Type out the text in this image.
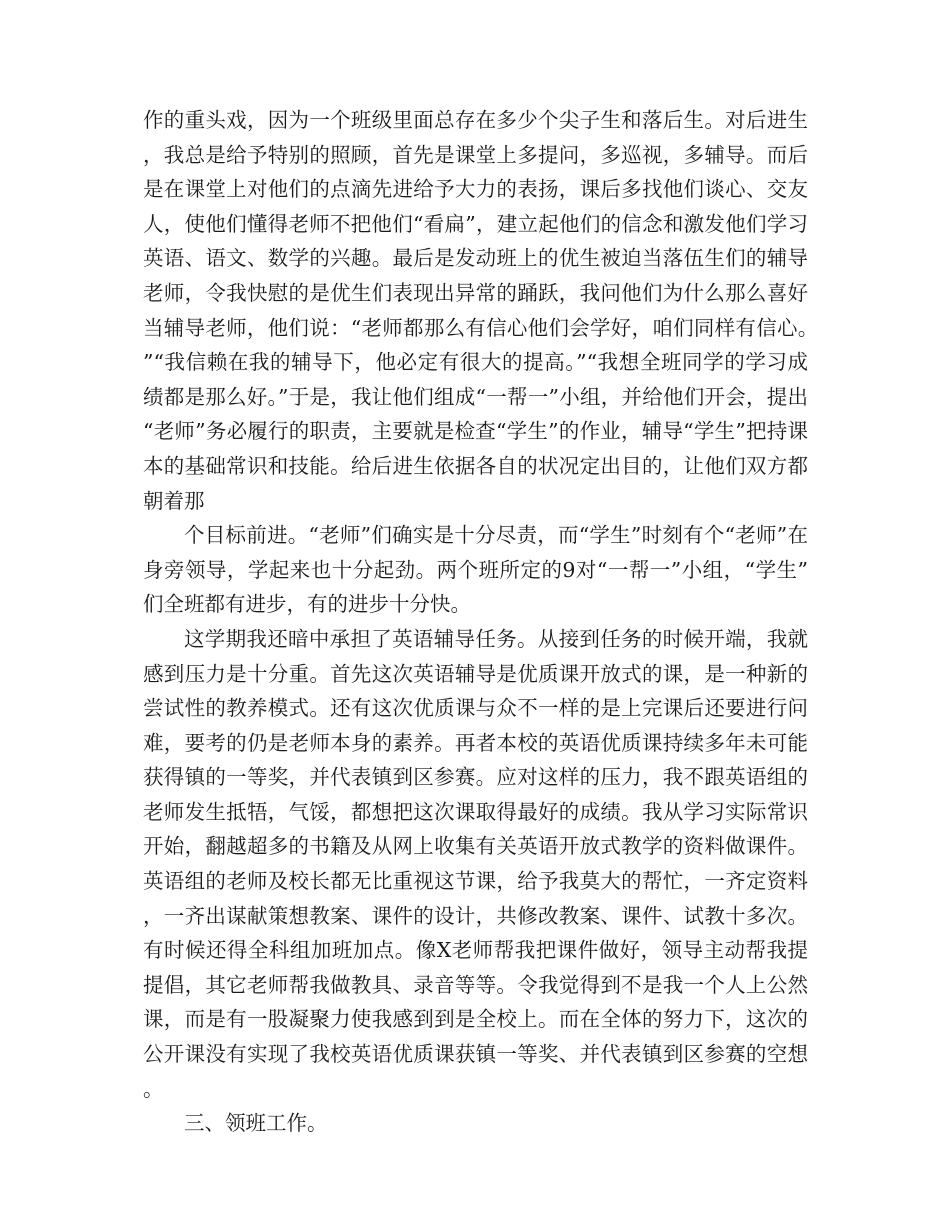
作的重头戏，因为一个班级里面总存在多少个尖子生和落后生。对后进生，我总是给予特别的照顾，首先是课堂上多提问，多巡视，多辅导。而后是在课堂上对他们的点滴先进给予大力的表扬，课后多找他们谈心、交友人，使他们懂得老师不把他们“看扁”，建立起他们的信念和激发他们学习英语、语文、数学的兴趣。最后是发动班上的优生被迫当落伍生们的辅导老师，令我快慰的是优生们表现出异常的踊跃，我问他们为什么那么喜好当辅导老师，他们说：“老师都那么有信心他们会学好，咱们同样有信心。”“我信赖在我的辅导下，他必定有很大的提高。”“我想全班同学的学习成绩都是那么好。”于是，我让他们组成“一帮一”小组，并给他们开会，提出“老师”务必履行的职责，主要就是检查“学生”的作业，辅导“学生”把持课本的基础常识和技能。给后进生依据各自的状况定出目的，让他们双方都朝着那

个目标前进。“老师”们确实是十分尽责，而“学生”时刻有个“老师”在身旁领导，学起来也十分起劲。两个班所定的9对“一帮一”小组，“学生”们全班都有进步，有的进步十分快。

这学期我还暗中承担了英语辅导任务。从接到任务的时候开端，我就感到压力是十分重。首先这次英语辅导是优质课开放式的课，是一种新的尝试性的教养模式。还有这次优质课与众不一样的是上完课后还要进行问难，要考的仍是老师本身的素养。再者本校的英语优质课持续多年未可能获得镇的一等奖，并代表镇到区参赛。应对这样的压力，我不跟英语组的老师发生抵牾，气馁，都想把这次课取得最好的成绩。我从学习实际常识开始，翻越超多的书籍及从网上收集有关英语开放式教学的资料做课件。英语组的老师及校长都无比重视这节课，给予我莫大的帮忙，一齐定资料，一齐出谋献策想教案、课件的设计，共修改教案、课件、试教十多次。有时候还得全科组加班加点。像X老师帮我把课件做好，领导主动帮我提提倡，其它老师帮我做教具、录音等等。令我觉得到不是我一个人上公然课，而是有一股凝聚力使我感到到是全校上。而在全体的努力下，这次的公开课没有实现了我校英语优质课获镇一等奖、并代表镇到区参赛的空想。

三、领班工作。
